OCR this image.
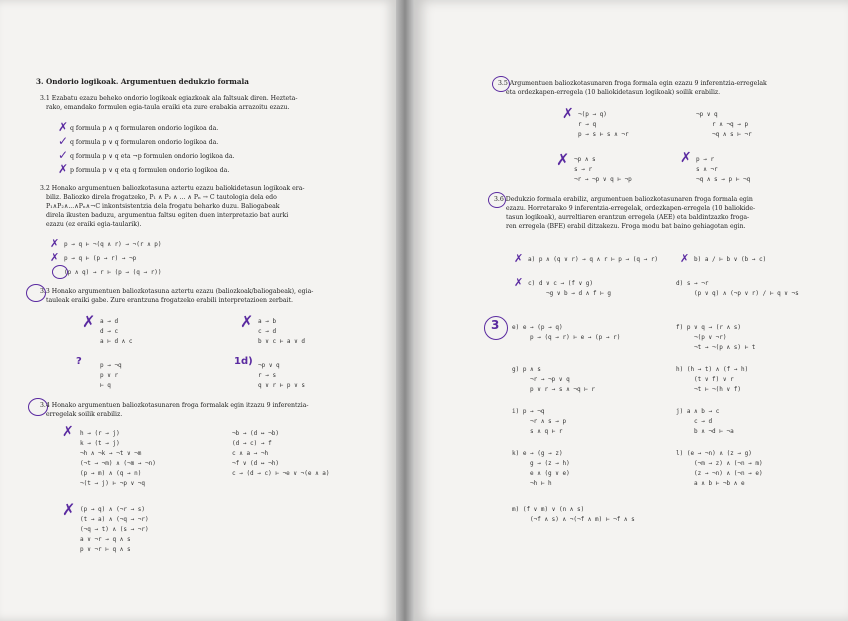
3. Ondorio logikoak. Argumentuen dedukzio formala
3.1 Ezabatu ezazu beheko ondorio logikoak egiazkoak ala faltsuak diren. Hezteta-
rako, emandako formulen egia-taula eraiki eta zure erabakia arrazoitu ezazu.
q formula p ∧ q formularen ondorio logikoa da.
q formula p ∨ q formularen ondorio logikoa da.
q formula p ∨ q eta ¬p formulen ondorio logikoa da.
p formula p ∨ q eta q formulen ondorio logikoa da.
✗
✓
✓
✗
3.2 Honako argumentuen baliozkotasuna aztertu ezazu baliokidetasun logikoak era-
biliz. Baliozko direla frogatzeko, P₁ ∧ P₂ ∧ ... ∧ Pₙ → C tautologia dela edo
P₁∧P₂∧...∧Pₙ∧¬C inkontsistentzia dela frogatu beharko duzu. Baliogabeak
direla ikusten baduzu, argumentua faltsu egiten duen interpretazio bat aurki
ezazu (ez eraiki egia-taularik).
p → q ⊢ ¬(q ∧ r) → ¬(r ∧ p)
p → q ⊢ (p → r) → ¬p
(p ∧ q) → r ⊢ (p → (q → r))
✗
✗
3.3 Honako argumentuen baliozkotasuna aztertu ezazu (baliozkoak/baliogabeak), egia-
tauleak eraiki gabe. Zure erantzuna frogatzeko erabili interpretazioen zerbait.
✗ a → d
d → c
a ⊢ d ∧ c
✗ a → b
c → d
b ∨ c ⊢ a ∨ d
?	p → ¬q
p ∨ r
⊢ q
1d) ¬p ∨ q
r → s
q ∨ r ⊢ p ∨ s
3.4 Honako argumentuen baliozkotasunaren froga formalak egin itzazu 9 inferentzia-
erregelak soilik erabiliz.
✗ h → (r → j)
k → (t → j)
¬h ∧ ¬k → ¬t ∨ ¬m
(¬t → ¬m) ∧ (¬m → ¬n)
(p → m) ∧ (q → n)
¬(t → j) ⊢ ¬p ∨ ¬q
¬b → (d ↔ ¬b)
(d → c) → f
c ∧ a → ¬h
¬f ∨ (d ↔ ¬h)
c → (d → c) ⊢ ¬e ∨ ¬(e ∧ a)
✗ (p → q) ∧ (¬r → s)
(t → a) ∧ (¬q → ¬r)
(¬q → t) ∧ (s → ¬r)
a ∨ ¬r → q ∧ s
p ∨ ¬r ⊢ q ∧ s
3.5 Argumentuen baliozkotasunaren froga formala egin ezazu 9 inferentzia-erregelak
eta ordezkapen-erregela (10 baliokidetasun logikoak) soilik erabiliz.
✗ ¬(p → q)
r → q
p → s ⊢ s ∧ ¬r
¬p ∨ q
r ∧ ¬q → p
¬q ∧ s ⊢ ¬r
✗ ¬p ∧ s
s → r
¬r → ¬p ∨ q ⊢ ¬p
✗ p → r
s ∧ ¬r
¬q ∧ s → p ⊢ ¬q
3.6 Dedukzio formala erabiliz, argumentuen baliozkotasunaren froga formala egin
ezazu. Horretarako 9 inferentzia-erregelak, ordezkapen-erregela (10 baliokide-
tasun logikoak), aurreltiaren erantzun erregela (AEE) eta baldintzazko froga-
ren erregela (BFE) erabil ditzakezu. Froga modu bat baino gehiagotan egin.
✗ a) p ∧ (q ∨ r) → q ∧ r ⊢ p → (q → r) ✗ b) a / ⊢ b ∨ (b → c)
✗ c) d ∨ c → (f ∨ g)
¬g ∨ b → d ∧ f ⊢ g
d) s → ¬r
(p ∨ q) ∧ (¬p ∨ r) / ⊢ q ∨ ¬s
3 e) e → (p → q)
p → (q → r) ⊢ e → (p → r)
f) p ∨ q → (r ∧ s)
¬(p ∨ ¬r)
¬t → ¬(p ∧ s) ⊢ t
g) p ∧ s
¬r → ¬p ∨ q
p ∨ r → s ∧ ¬q ⊢ r
h) (h → t) ∧ (f → h)
(t ∨ f) ∨ r
¬t ⊢ ¬(h ∨ f)
i) p → ¬q
¬r ∧ s → p
s ∧ q ⊢ r
j) a ∧ b → c
c → d
b ∧ ¬d ⊢ ¬a
k) e → (g → z)
g → (z → h)
e ∧ (g ∨ e)
¬h ⊢ h
l) (e → ¬n) ∧ (z → g)
(¬m → z) ∧ (¬n → m)
(z → ¬n) ∧ (¬n → e)
a ∧ b ⊢ ¬b ∧ e
m) (f ∨ m) ∨ (n ∧ s)
(¬f ∧ s) ∧ ¬(¬f ∧ m) ⊢ ¬f ∧ s
